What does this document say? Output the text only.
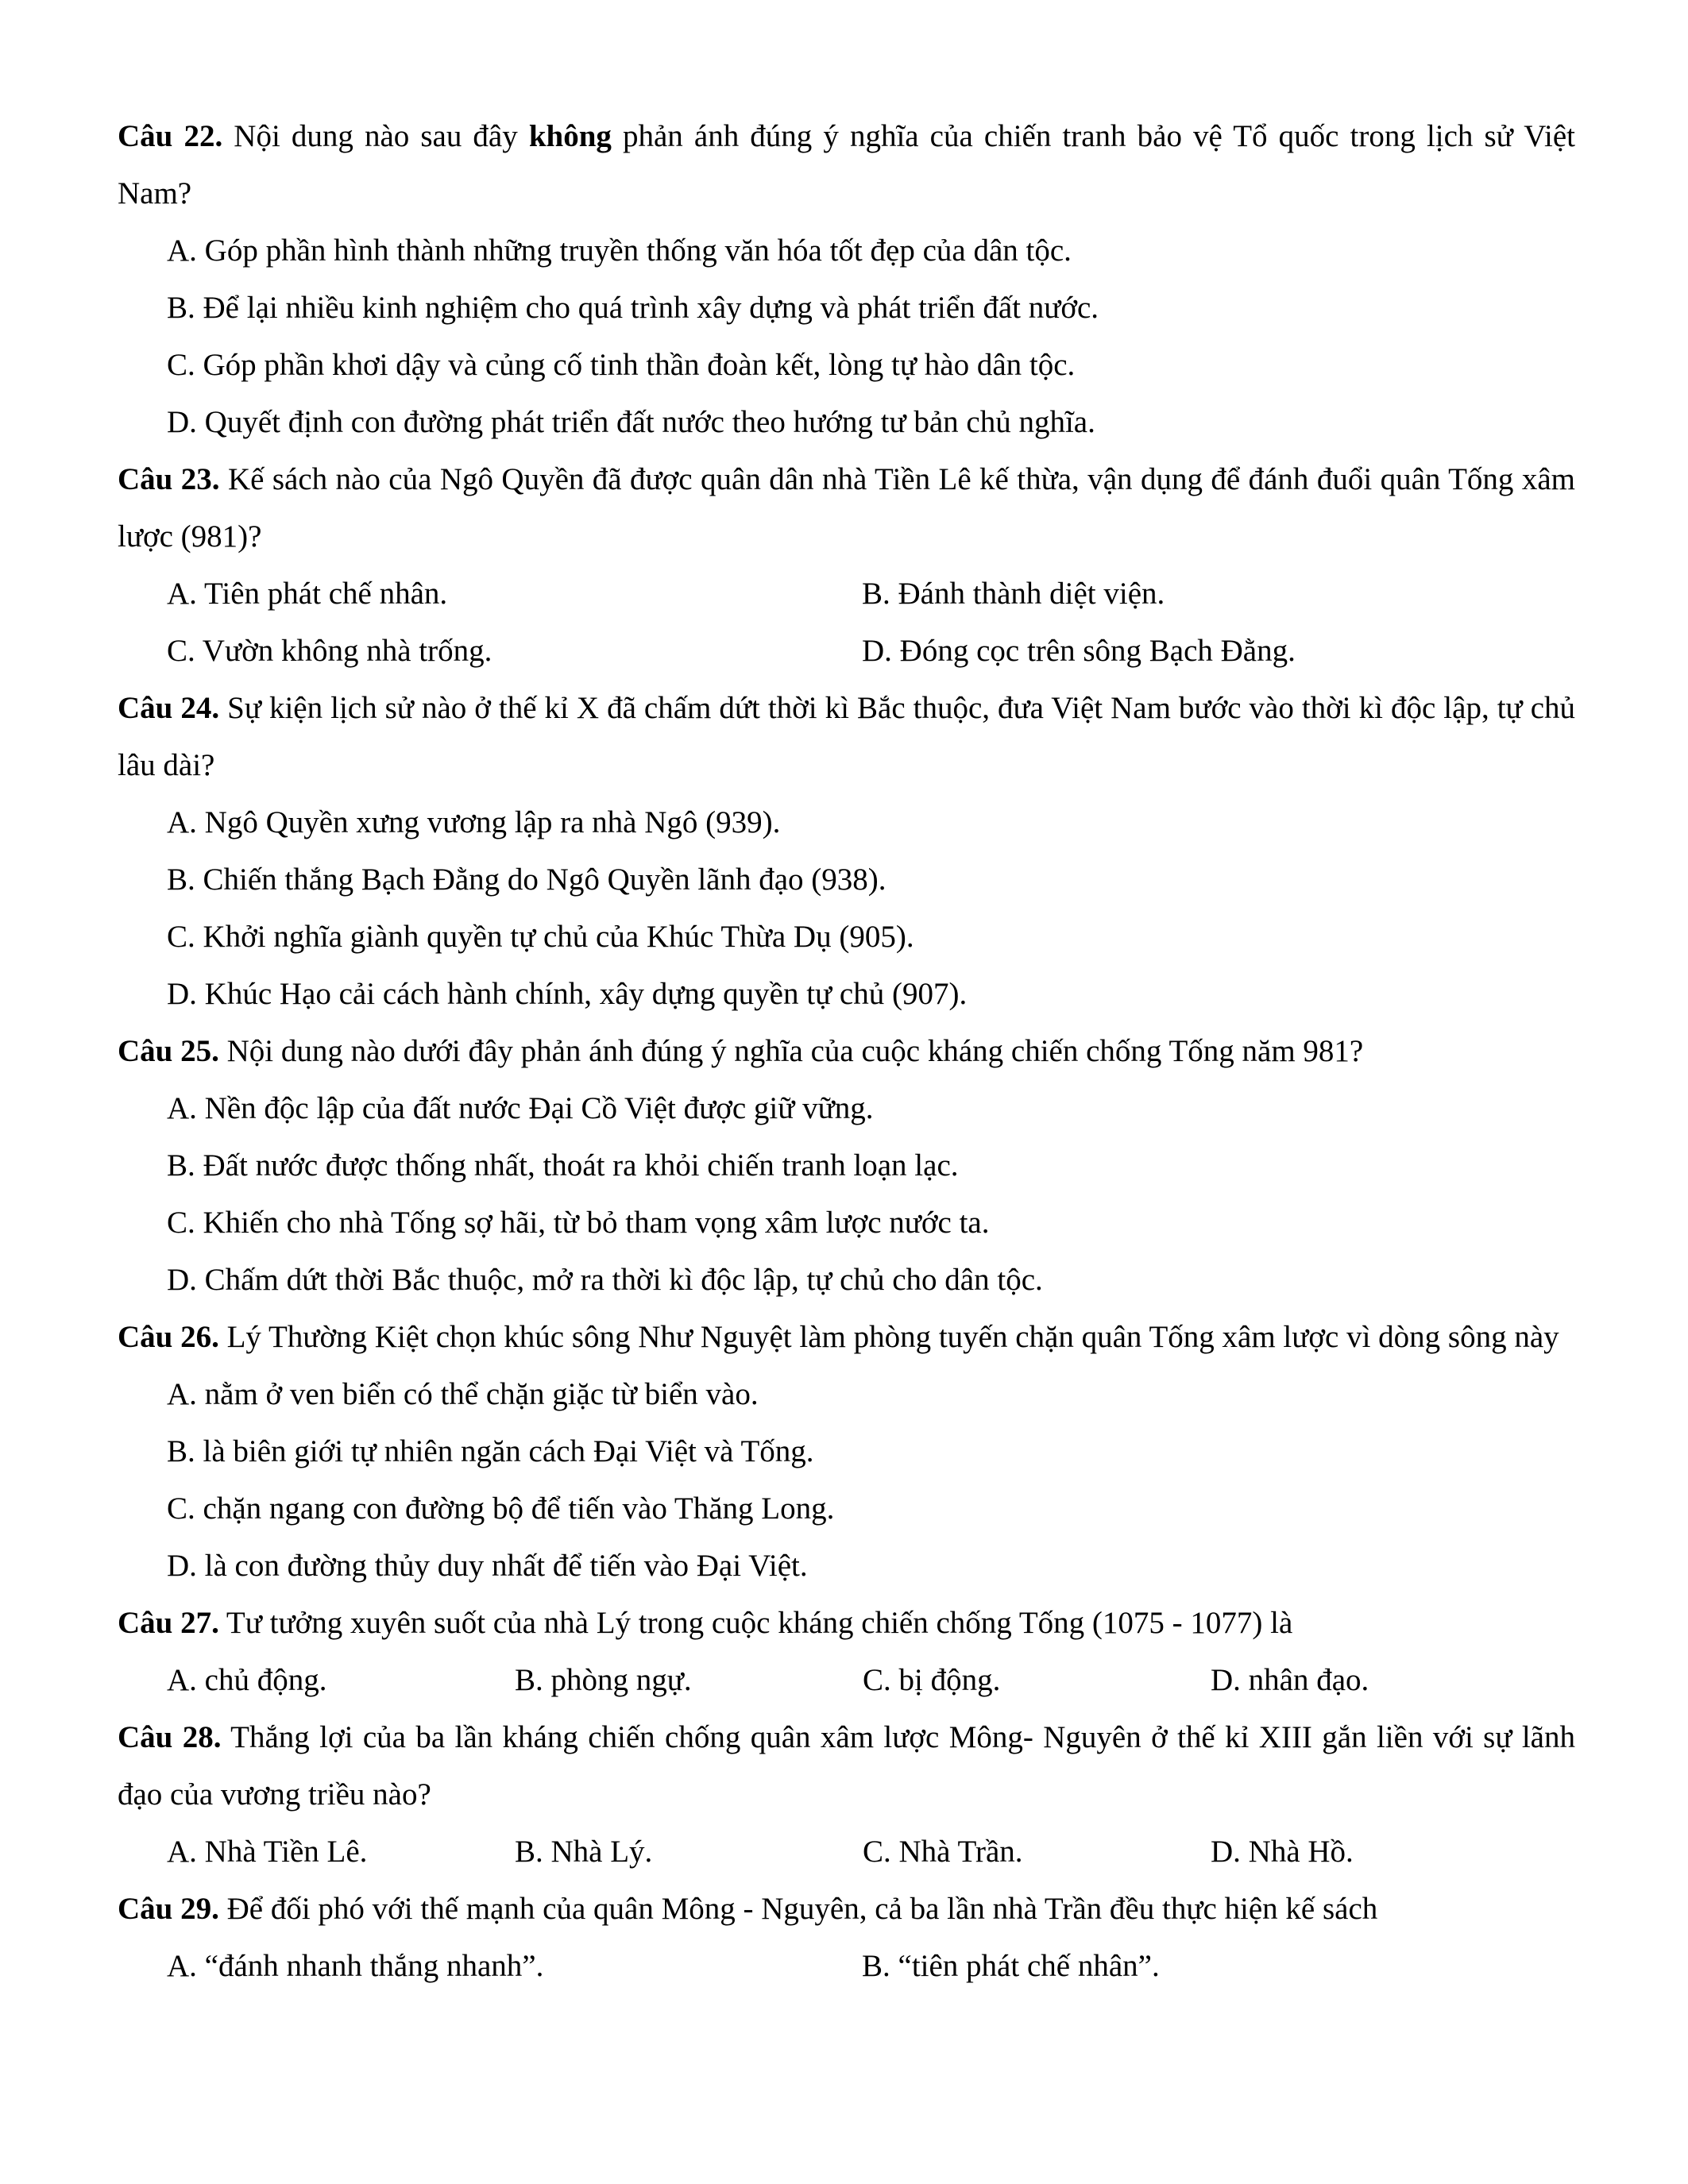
Câu 22. Nội dung nào sau đây không phản ánh đúng ý nghĩa của chiến tranh bảo vệ Tổ quốc trong lịch sử Việt Nam?
A. Góp phần hình thành những truyền thống văn hóa tốt đẹp của dân tộc.
B. Để lại nhiều kinh nghiệm cho quá trình xây dựng và phát triển đất nước.
C. Góp phần khơi dậy và củng cố tinh thần đoàn kết, lòng tự hào dân tộc.
D. Quyết định con đường phát triển đất nước theo hướng tư bản chủ nghĩa.
Câu 23. Kế sách nào của Ngô Quyền đã được quân dân nhà Tiền Lê kế thừa, vận dụng để đánh đuổi quân Tống xâm lược (981)?
A. Tiên phát chế nhân.	B. Đánh thành diệt viện.
C. Vườn không nhà trống.	D. Đóng cọc trên sông Bạch Đằng.
Câu 24. Sự kiện lịch sử nào ở thế kỉ X đã chấm dứt thời kì Bắc thuộc, đưa Việt Nam bước vào thời kì độc lập, tự chủ lâu dài?
A. Ngô Quyền xưng vương lập ra nhà Ngô (939).
B. Chiến thắng Bạch Đằng do Ngô Quyền lãnh đạo (938).
C. Khởi nghĩa giành quyền tự chủ của Khúc Thừa Dụ (905).
D. Khúc Hạo cải cách hành chính, xây dựng quyền tự chủ (907).
Câu 25. Nội dung nào dưới đây phản ánh đúng ý nghĩa của cuộc kháng chiến chống Tống năm 981?
A. Nền độc lập của đất nước Đại Cồ Việt được giữ vững.
B. Đất nước được thống nhất, thoát ra khỏi chiến tranh loạn lạc.
C. Khiến cho nhà Tống sợ hãi, từ bỏ tham vọng xâm lược nước ta.
D. Chấm dứt thời Bắc thuộc, mở ra thời kì độc lập, tự chủ cho dân tộc.
Câu 26. Lý Thường Kiệt chọn khúc sông Như Nguyệt làm phòng tuyến chặn quân Tống xâm lược vì dòng sông này
A. nằm ở ven biển có thể chặn giặc từ biển vào.
B. là biên giới tự nhiên ngăn cách Đại Việt và Tống.
C. chặn ngang con đường bộ để tiến vào Thăng Long.
D. là con đường thủy duy nhất để tiến vào Đại Việt.
Câu 27. Tư tưởng xuyên suốt của nhà Lý trong cuộc kháng chiến chống Tống (1075 - 1077) là
A. chủ động.	B. phòng ngự.	C. bị động.	D. nhân đạo.
Câu 28. Thắng lợi của ba lần kháng chiến chống quân xâm lược Mông- Nguyên ở thế kỉ XIII gắn liền với sự lãnh đạo của vương triều nào?
A. Nhà Tiền Lê.	B. Nhà Lý.	C. Nhà Trần.	D. Nhà Hồ.
Câu 29. Để đối phó với thế mạnh của quân Mông - Nguyên, cả ba lần nhà Trần đều thực hiện kế sách
A. “đánh nhanh thắng nhanh”.	B. “tiên phát chế nhân”.
